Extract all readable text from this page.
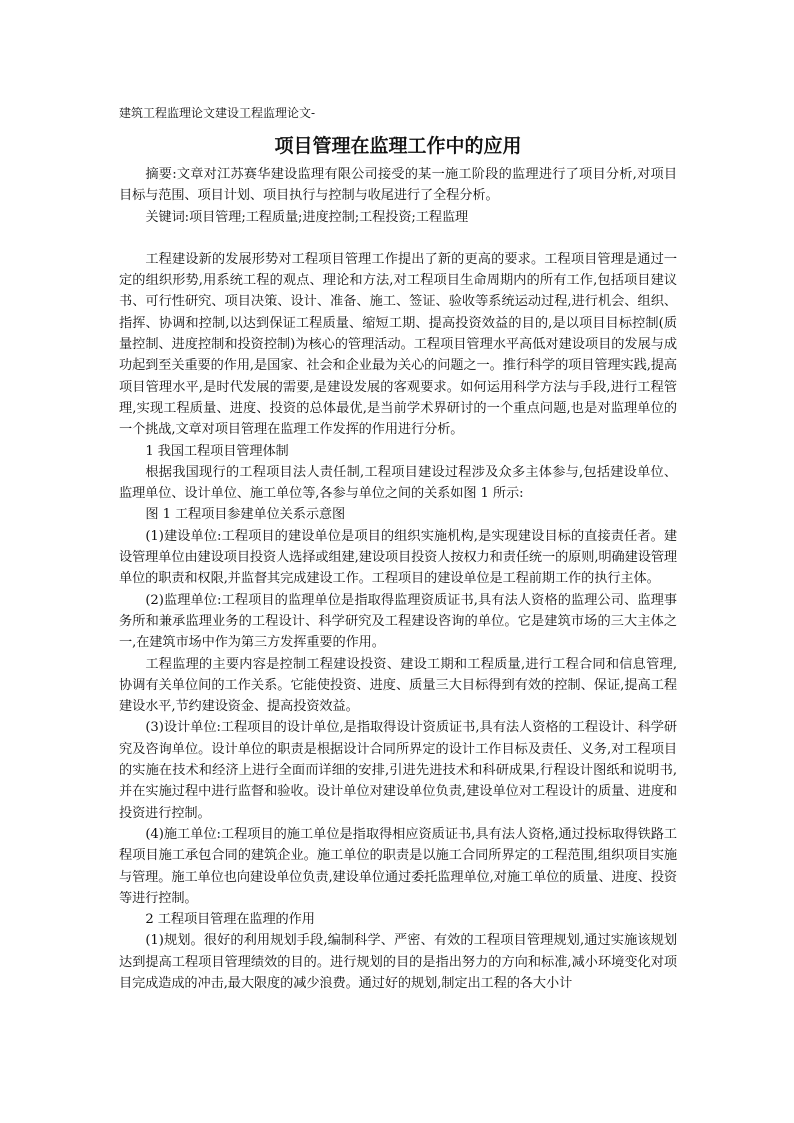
建筑工程监理论文建设工程监理论文-
项目管理在监理工作中的应用

摘要:文章对江苏赛华建设监理有限公司接受的某一施工阶段的监理进行了项目分析,对项目目标与范围、项目计划、项目执行与控制与收尾进行了全程分析。

关键词:项目管理;工程质量;进度控制;工程投资;工程监理

工程建设新的发展形势对工程项目管理工作提出了新的更高的要求。工程项目管理是通过一定的组织形势,用系统工程的观点、理论和方法,对工程项目生命周期内的所有工作,包括项目建议书、可行性研究、项目决策、设计、准备、施工、签证、验收等系统运动过程,进行机会、组织、指挥、协调和控制,以达到保证工程质量、缩短工期、提高投资效益的目的,是以项目目标控制(质量控制、进度控制和投资控制)为核心的管理活动。工程项目管理水平高低对建设项目的发展与成功起到至关重要的作用,是国家、社会和企业最为关心的问题之一。推行科学的项目管理实践,提高项目管理水平,是时代发展的需要,是建设发展的客观要求。如何运用科学方法与手段,进行工程管理,实现工程质量、进度、投资的总体最优,是当前学术界研讨的一个重点问题,也是对监理单位的一个挑战,文章对项目管理在监理工作发挥的作用进行分析。

1 我国工程项目管理体制

根据我国现行的工程项目法人责任制,工程项目建设过程涉及众多主体参与,包括建设单位、监理单位、设计单位、施工单位等,各参与单位之间的关系如图 1 所示:

图 1 工程项目参建单位关系示意图

(1)建设单位:工程项目的建设单位是项目的组织实施机构,是实现建设目标的直接责任者。建设管理单位由建设项目投资人选择或组建,建设项目投资人按权力和责任统一的原则,明确建设管理单位的职责和权限,并监督其完成建设工作。工程项目的建设单位是工程前期工作的执行主体。

(2)监理单位:工程项目的监理单位是指取得监理资质证书,具有法人资格的监理公司、监理事务所和兼承监理业务的工程设计、科学研究及工程建设咨询的单位。它是建筑市场的三大主体之一,在建筑市场中作为第三方发挥重要的作用。

工程监理的主要内容是控制工程建设投资、建设工期和工程质量,进行工程合同和信息管理,协调有关单位间的工作关系。它能使投资、进度、质量三大目标得到有效的控制、保证,提高工程建设水平,节约建设资金、提高投资效益。

(3)设计单位:工程项目的设计单位,是指取得设计资质证书,具有法人资格的工程设计、科学研究及咨询单位。设计单位的职责是根据设计合同所界定的设计工作目标及责任、义务,对工程项目的实施在技术和经济上进行全面而详细的安排,引进先进技术和科研成果,行程设计图纸和说明书,并在实施过程中进行监督和验收。设计单位对建设单位负责,建设单位对工程设计的质量、进度和投资进行控制。

(4)施工单位:工程项目的施工单位是指取得相应资质证书,具有法人资格,通过投标取得铁路工程项目施工承包合同的建筑企业。施工单位的职责是以施工合同所界定的工程范围,组织项目实施与管理。施工单位也向建设单位负责,建设单位通过委托监理单位,对施工单位的质量、进度、投资等进行控制。

2 工程项目管理在监理的作用

(1)规划。很好的利用规划手段,编制科学、严密、有效的工程项目管理规划,通过实施该规划达到提高工程项目管理绩效的目的。进行规划的目的是指出努力的方向和标准,减小环境变化对项目完成造成的冲击,最大限度的减少浪费。通过好的规划,制定出工程的各大小计
